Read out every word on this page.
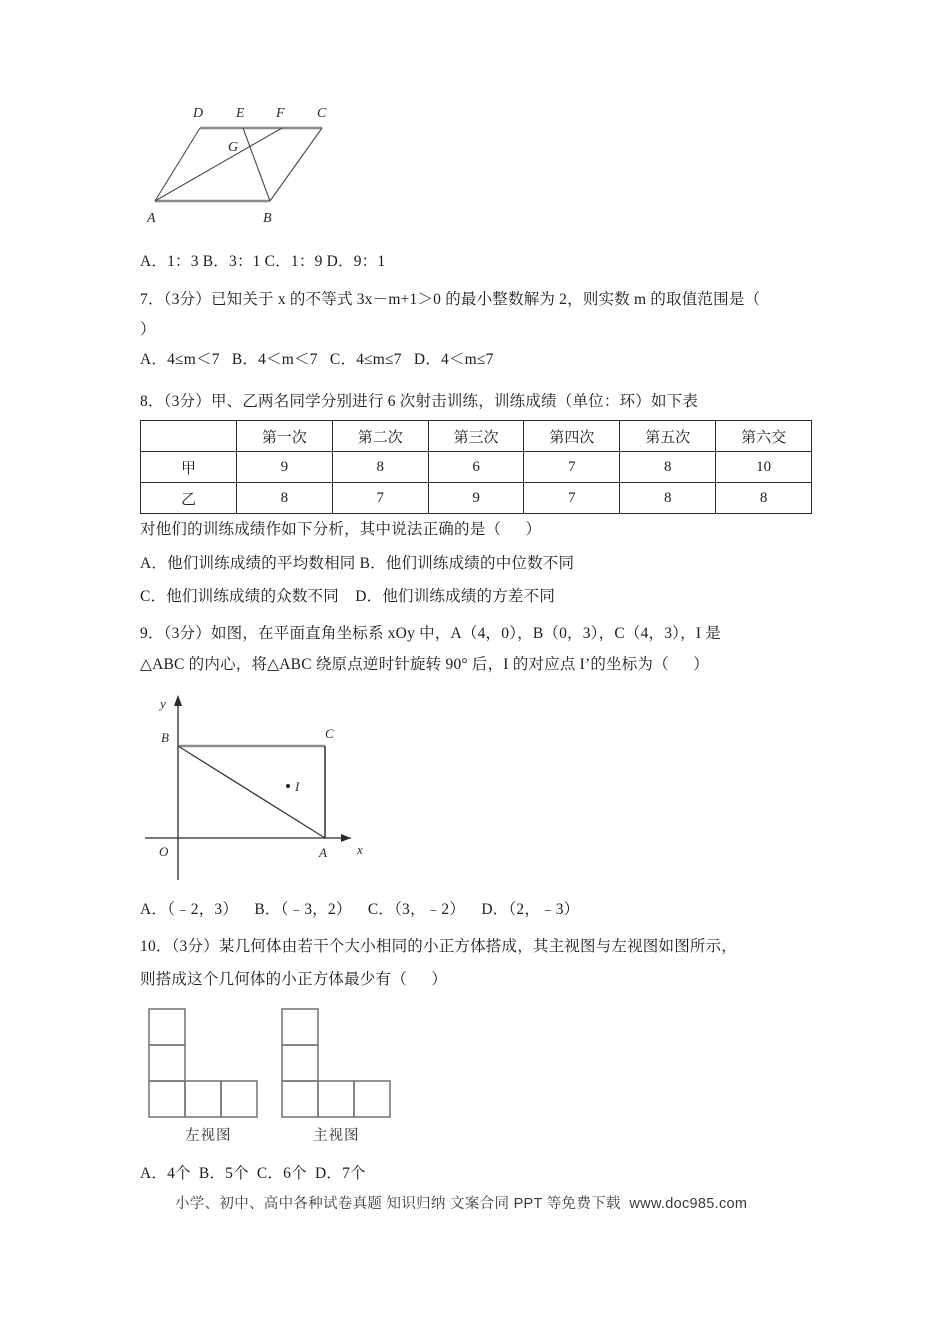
D E F C
G
A	B
A．1：3 B．3：1 C．1：9 D．9：1
7．（3分）已知关于 x 的不等式 3x－m+1＞0 的最小整数解为 2，则实数 m 的取值范围是（
）
A．4≤m＜7   B．4＜m＜7   C．4≤m≤7   D．4＜m≤7
8．（3分）甲、乙两名同学分别进行 6 次射击训练，训练成绩（单位：环）如下表
	第一次	第二次	第三次	第四次	第五次	第六交
甲	9	8	6	7	8	10
乙	8	7	9	7	8	8
对他们的训练成绩作如下分析，其中说法正确的是（      ）
A．他们训练成绩的平均数相同 B．他们训练成绩的中位数不同
C．他们训练成绩的众数不同    D．他们训练成绩的方差不同
9．（3分）如图，在平面直角坐标系 xOy 中，A（4，0），B（0，3），C（4，3），I 是
△ABC 的内心，将△ABC 绕原点逆时针旋转 90° 后，I 的对应点 I’的坐标为（      ）
y
x
O
B	C
A
I
A．（﹣2，3）    B．（﹣3，2）    C．（3，﹣2）    D．（2，﹣3）
10．（3分）某几何体由若干个大小相同的小正方体搭成，其主视图与左视图如图所示，
则搭成这个几何体的小正方体最少有（      ）
左视图	主视图
A．4个  B．5个  C．6个  D．7个
小学、初中、高中各种试卷真题 知识归纳 文案合同 PPT 等免费下载  www.doc985.com
